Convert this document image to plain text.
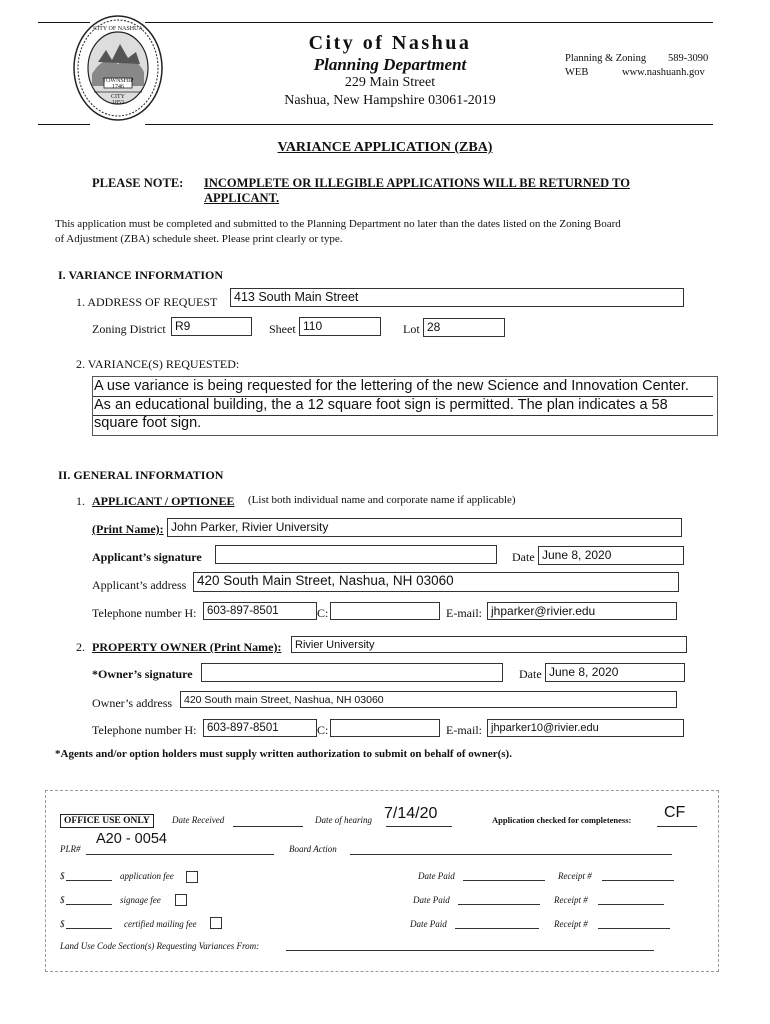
CITY OF NASHUA
TOWNSHIP
1746
CITY
1853
City of Nashua
Planning Department
229 Main Street
Nashua, New Hampshire 03061-2019
Planning & Zoning 589-3090
WEB	www.nashuanh.gov
VARIANCE APPLICATION (ZBA)
PLEASE NOTE: INCOMPLETE OR ILLEGIBLE APPLICATIONS WILL BE RETURNED TO
APPLICANT.
This application must be completed and submitted to the Planning Department no later than the dates listed on the Zoning Board
of Adjustment (ZBA) schedule sheet. Please print clearly or type.
I. VARIANCE INFORMATION
1. ADDRESS OF REQUEST	413 South Main Street
Zoning District R9	Sheet 110	Lot 28
2. VARIANCE(S) REQUESTED:
A use variance is being requested for the lettering of the new Science and Innovation Center.
As an educational building, the a 12 square foot sign is permitted. The plan indicates a 58
square foot sign.
II. GENERAL INFORMATION
1. APPLICANT / OPTIONEE (List both individual name and corporate name if applicable)
(Print Name): John Parker, Rivier University
Applicant’s signature	Date June 8, 2020
Applicant’s address 420 South Main Street, Nashua, NH 03060
Telephone number H: 603-897-8501	C:	E-mail: jhparker@rivier.edu
2. PROPERTY OWNER (Print Name):	Rivier University
*Owner’s signature	Date June 8, 2020
Owner’s address	420 South main Street, Nashua, NH 03060
Telephone number H: 603-897-8501	C:	E-mail: jhparker10@rivier.edu
*Agents and/or option holders must supply written authorization to submit on behalf of owner(s).
OFFICE USE ONLY	Date Received	Date of hearing 7/14/20	Application checked for completeness: CF
PLR#
A20 - 0054
Board Action
$	application fee	Date Paid	Receipt #
$	signage fee	Date Paid	Receipt #
$	certified mailing fee	Date Paid	Receipt #
Land Use Code Section(s) Requesting Variances From:
